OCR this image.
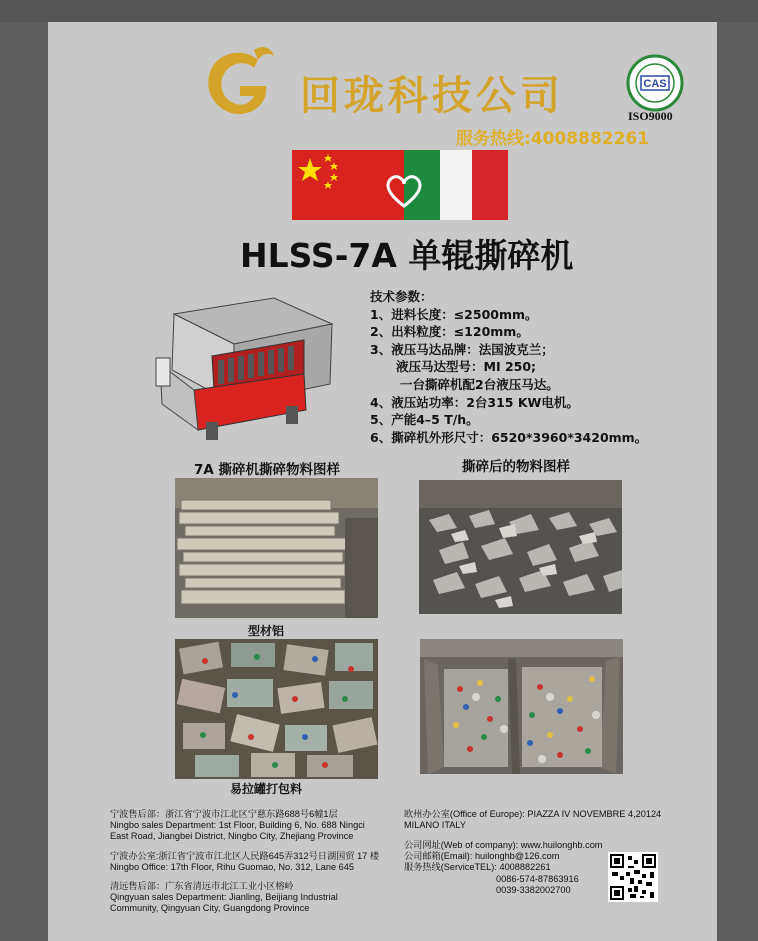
回珑科技公司
服务热线:4008882261
CAS
ISO9000
HLSS-7A 单辊撕碎机
技术参数：
1、进料长度：≤2500mm。
2、出料粒度：≤120mm。
3、液压马达品牌：法国波克兰；
液压马达型号：MI 250;
一台撕碎机配2台液压马达。
4、液压站功率：2台315 KW电机。
5、产能4–5 T/h。
6、撕碎机外形尺寸：6520*3960*3420mm。
7A 撕碎机撕碎物料图样	撕碎后的物料图样
型材铝
易拉罐打包料
宁波售后部：浙江省宁波市江北区宁慈东路688号6幢1层
Ningbo sales Department: 1st Floor, Building 6, No. 688 Ningci
East Road, Jiangbei District, Ningbo City, Zhejiang Province
宁波办公室:浙江省宁波市江北区人民路645弄312号日湖国贸 17 楼
Ningbo Office: 17th Floor, Rihu Guomao, No. 312, Lane 645
清远售后部：广东省清远市北江工业小区榕岭
Qingyuan sales Department: Jianling, Beijiang Industrial
Community, Qingyuan City, Guangdong Province
欧州办公室(Office of Europe): PIAZZA IV NOVEMBRE 4,20124
MILANO ITALY
公司网址(Web of company): www.huilonghb.com
公司邮箱(Email): huilonghb@126.com
服务热线(ServiceTEL): 4008882261
0086-574-87863916
0039-3382002700
